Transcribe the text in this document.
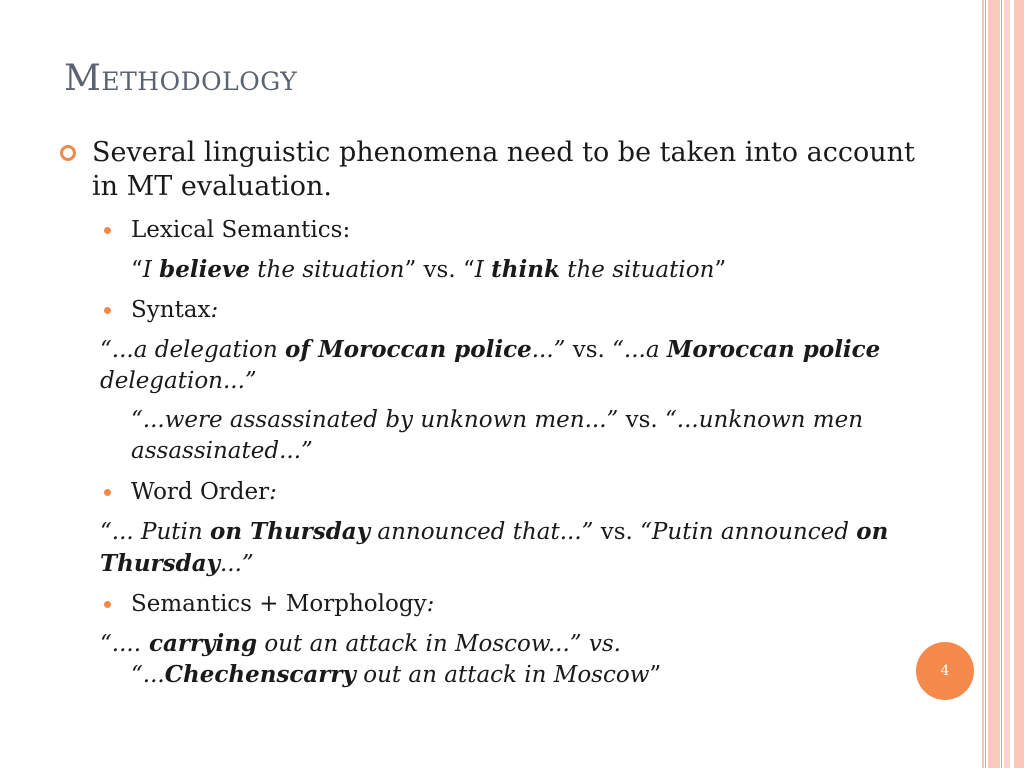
Methodology
Several linguistic phenomena need to be taken into account in MT evaluation.
Lexical Semantics:
“I believe the situation” vs. “I think the situation”
Syntax:
“...a delegation of Moroccan police...” vs. “...a Moroccan police delegation...”
“...were assassinated by unknown men...” vs. “...unknown men assassinated...”
Word Order:
“... Putin on Thursday announced that...” vs. “Putin announced on Thursday...”
Semantics + Morphology:
“.... carrying out an attack in Moscow...” vs.
“...Chechenscarry out an attack in Moscow”	4
